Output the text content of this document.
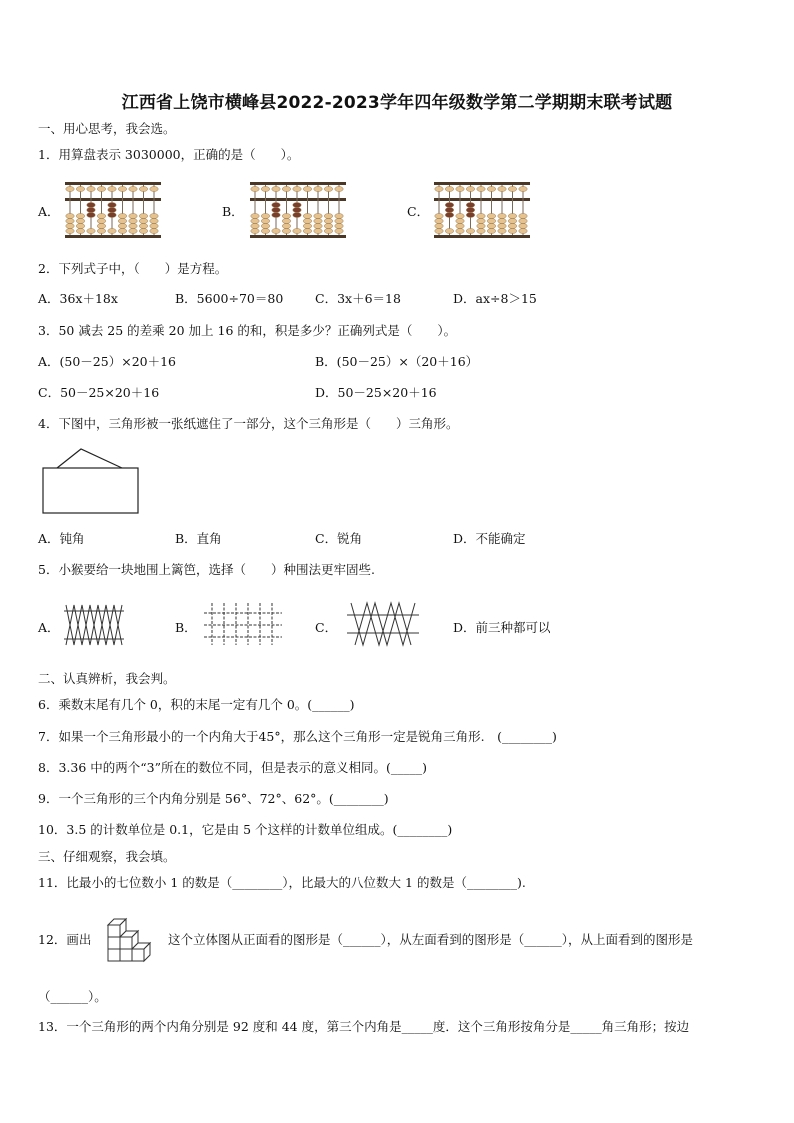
江西省上饶市横峰县2022-2023学年四年级数学第二学期期末联考试题
一、用心思考，我会选。
1．用算盘表示 3030000，正确的是（　　）。
A．	B．	C．
2．下列式子中，（　　）是方程。
A．36x＋18x	B．5600÷70＝80	C．3x＋6＝18	D．ax÷8＞15
3．50 减去 25 的差乘 20 加上 16 的和，积是多少？正确列式是（　　）。
A．(50－25）×20＋16	B．(50－25）×（20＋16）
C．50－25×20＋16	D．50－25×20＋16
4．下图中，三角形被一张纸遮住了一部分，这个三角形是（　　）三角形。
A．钝角	B．直角	C．锐角	D．不能确定
5．小猴要给一块地围上篱笆，选择（　　）种围法更牢固些.
A．	B．	C．	D．前三种都可以
二、认真辨析，我会判。
6．乘数末尾有几个 0，积的末尾一定有几个 0。(______)
7．如果一个三角形最小的一个内角大于45°，那么这个三角形一定是锐角三角形.　(________)
8．3.36 中的两个“3”所在的数位不同，但是表示的意义相同。(_____)
9．一个三角形的三个内角分别是 56°、72°、62°。(________)
10．3.5 的计数单位是 0.1，它是由 5 个这样的计数单位组成。(________)
三、仔细观察，我会填。
11．比最小的七位数小 1 的数是（________），比最大的八位数大 1 的数是（________).
12．画出	这个立体图从正面看的图形是（______），从左面看到的图形是（______），从上面看到的图形是
（______）。
13．一个三角形的两个内角分别是 92 度和 44 度，第三个内角是_____度．这个三角形按角分是_____角三角形；按边
